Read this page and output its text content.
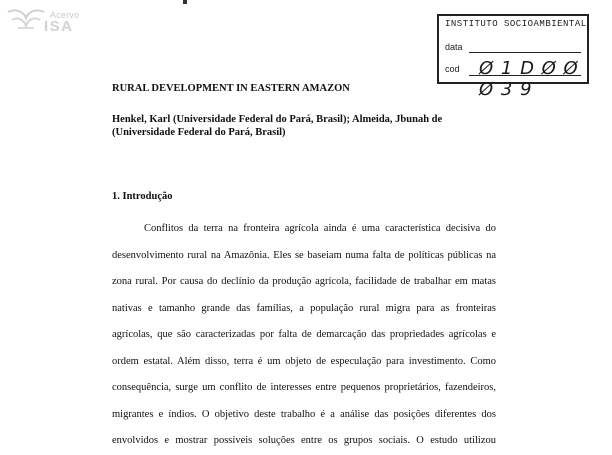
Acervo
ISA	INSTITUTO SOCIOAMBIENTAL
data
cod Ø 1 D Ø Ø Ø 3 9
RURAL DEVELOPMENT IN EASTERN AMAZON
Henkel, Karl (Universidade Federal do Pará, Brasil); Almeida, Jbunah de
(Universidade Federal do Pará, Brasil)
1. Introdução
Conflitos da terra na fronteira agrícola ainda é uma característica decisiva do
desenvolvimento rural na Amazônia. Eles se baseiam numa falta de políticas públicas na
zona rural. Por causa do declínio da produção agrícola, facilidade de trabalhar em matas
nativas e tamanho grande das famílias, a população rural migra para as fronteiras
agrícolas, que são caracterizadas por falta de demarcação das propriedades agrícolas e
ordem estatal. Além disso, terra é um objeto de especulação para investimento. Como
consequência, surge um conflito de interesses entre pequenos proprietários, fazendeiros,
migrantes e índios. O objetivo deste trabalho é a análise das posições diferentes dos
envolvidos e mostrar possíveis soluções entre os grupos sociais. O estudo utilizou
